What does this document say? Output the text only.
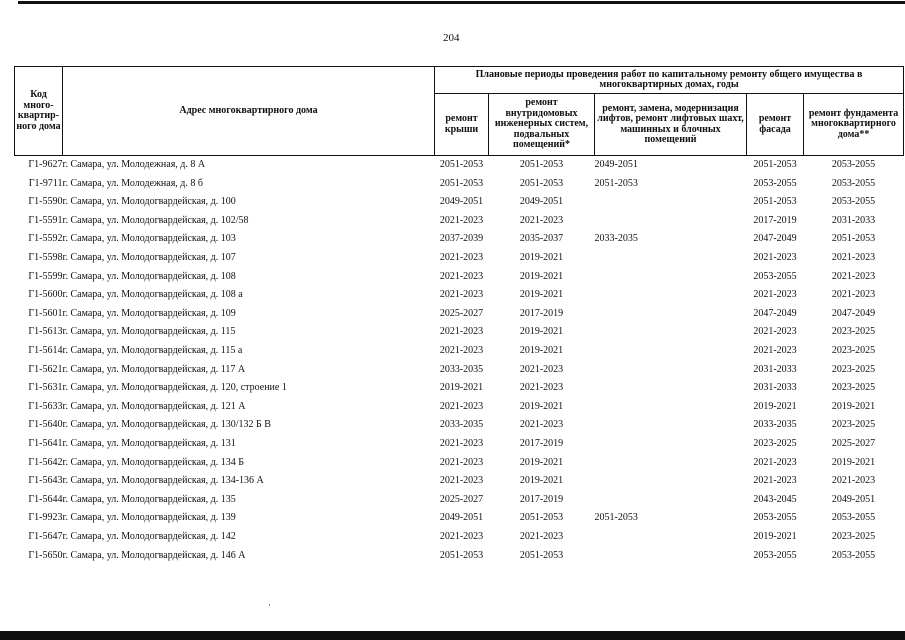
204
Код много-квартир-ного дома	Адрес многоквартирного дома	Плановые периоды проведения работ по капитальному ремонту общего имущества в многоквартирных домах, годы				
		ремонт крыши	ремонт внутридомовых инженерных систем, подвальных помещений*	ремонт, замена, модернизация лифтов, ремонт лифтовых шахт, машинных и блочных помещений	ремонт фасада	ремонт фундамента многоквартирного дома**
Г1-9627	г. Самара, ул. Молодежная, д. 8 А	2051-2053	2051-2053	2049-2051	2051-2053	2053-2055
Г1-9711	г. Самара, ул. Молодежная, д. 8 б	2051-2053	2051-2053	2051-2053	2053-2055	2053-2055
Г1-5590	г. Самара, ул. Молодогвардейская, д. 100	2049-2051	2049-2051		2051-2053	2053-2055
Г1-5591	г. Самара, ул. Молодогвардейская, д. 102/58	2021-2023	2021-2023		2017-2019	2031-2033
Г1-5592	г. Самара, ул. Молодогвардейская, д. 103	2037-2039	2035-2037	2033-2035	2047-2049	2051-2053
Г1-5598	г. Самара, ул. Молодогвардейская, д. 107	2021-2023	2019-2021		2021-2023	2021-2023
Г1-5599	г. Самара, ул. Молодогвардейская, д. 108	2021-2023	2019-2021		2053-2055	2021-2023
Г1-5600	г. Самара, ул. Молодогвардейская, д. 108 а	2021-2023	2019-2021		2021-2023	2021-2023
Г1-5601	г. Самара, ул. Молодогвардейская, д. 109	2025-2027	2017-2019		2047-2049	2047-2049
Г1-5613	г. Самара, ул. Молодогвардейская, д. 115	2021-2023	2019-2021		2021-2023	2023-2025
Г1-5614	г. Самара, ул. Молодогвардейская, д. 115 а	2021-2023	2019-2021		2021-2023	2023-2025
Г1-5621	г. Самара, ул. Молодогвардейская, д. 117 А	2033-2035	2021-2023		2031-2033	2023-2025
Г1-5631	г. Самара, ул. Молодогвардейская, д. 120, строение 1	2019-2021	2021-2023		2031-2033	2023-2025
Г1-5633	г. Самара, ул. Молодогвардейская, д. 121 А	2021-2023	2019-2021		2019-2021	2019-2021
Г1-5640	г. Самара, ул. Молодогвардейская, д. 130/132 Б В	2033-2035	2021-2023		2033-2035	2023-2025
Г1-5641	г. Самара, ул. Молодогвардейская, д. 131	2021-2023	2017-2019		2023-2025	2025-2027
Г1-5642	г. Самара, ул. Молодогвардейская, д. 134 Б	2021-2023	2019-2021		2021-2023	2019-2021
Г1-5643	г. Самара, ул. Молодогвардейская, д. 134-136 А	2021-2023	2019-2021		2021-2023	2021-2023
Г1-5644	г. Самара, ул. Молодогвардейская, д. 135	2025-2027	2017-2019		2043-2045	2049-2051
Г1-9923	г. Самара, ул. Молодогвардейская, д. 139	2049-2051	2051-2053	2051-2053	2053-2055	2053-2055
Г1-5647	г. Самара, ул. Молодогвардейская, д. 142	2021-2023	2021-2023		2019-2021	2023-2025
Г1-5650	г. Самара, ул. Молодогвардейская, д. 146 А	2051-2053	2051-2053		2053-2055	2053-2055
·
